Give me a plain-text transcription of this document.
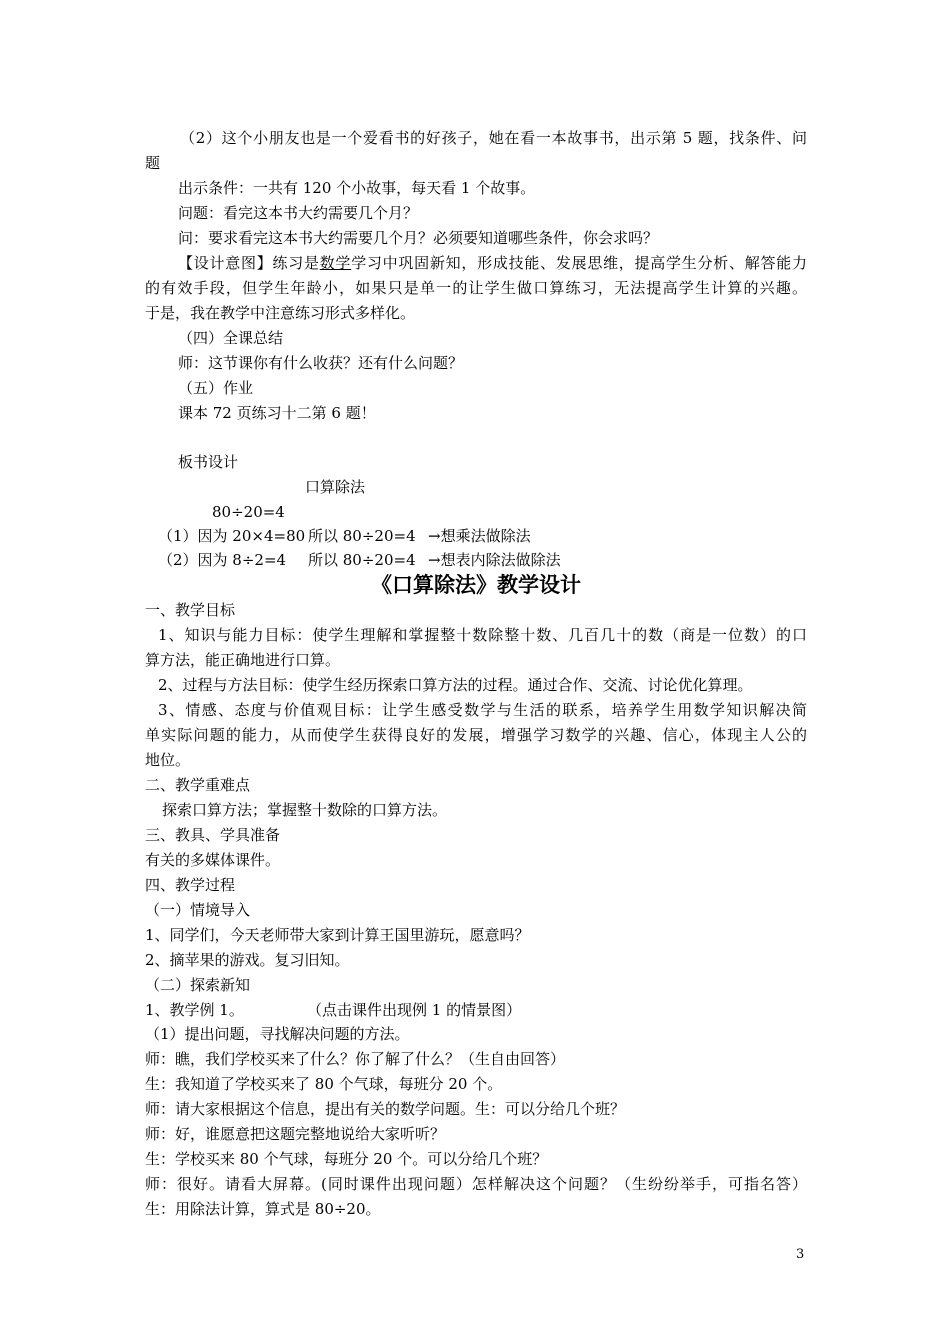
（2）这个小朋友也是一个爱看书的好孩子，她在看一本故事书，出示第 5 题，找条件、问
题
出示条件：一共有 120 个小故事，每天看 1 个故事。
问题：看完这本书大约需要几个月？
问：要求看完这本书大约需要几个月？必须要知道哪些条件，你会求吗？
【设计意图】练习是数学学习中巩固新知，形成技能、发展思维，提高学生分析、解答能力
的有效手段，但学生年龄小，如果只是单一的让学生做口算练习，无法提高学生计算的兴趣。
于是，我在教学中注意练习形式多样化。
（四）全课总结
师：这节课你有什么收获？还有什么问题？
（五）作业
课本 72 页练习十二第 6 题！
板书设计
口算除法
80÷20=4
（1）因为 20×4=80 所以 80÷20=4 →想乘法做除法
（2）因为 8÷2=4 所以 80÷20=4 →想表内除法做除法
《口算除法》教学设计
一、教学目标
1、知识与能力目标：使学生理解和掌握整十数除整十数、几百几十的数（商是一位数）的口
算方法，能正确地进行口算。
2、过程与方法目标：使学生经历探索口算方法的过程。通过合作、交流、讨论优化算理。
3、情感、态度与价值观目标：让学生感受数学与生活的联系，培养学生用数学知识解决简
单实际问题的能力，从而使学生获得良好的发展，增强学习数学的兴趣、信心，体现主人公的
地位。
二、教学重难点
探索口算方法；掌握整十数除的口算方法。
三、教具、学具准备
有关的多媒体课件。
四、教学过程
（一）情境导入
1、同学们，今天老师带大家到计算王国里游玩，愿意吗？
2、摘苹果的游戏。复习旧知。
（二）探索新知
1、教学例 1。	（点击课件出现例 1 的情景图）
（1）提出问题，寻找解决问题的方法。
师：瞧，我们学校买来了什么？你了解了什么？（生自由回答）
生：我知道了学校买来了 80 个气球，每班分 20 个。
师：请大家根据这个信息，提出有关的数学问题。生：可以分给几个班？
师：好，谁愿意把这题完整地说给大家听听？
生：学校买来 80 个气球，每班分 20 个。可以分给几个班？
师：很好。请看大屏幕。(同时课件出现问题）怎样解决这个问题？（生纷纷举手，可指名答）
生：用除法计算，算式是 80÷20。
3
